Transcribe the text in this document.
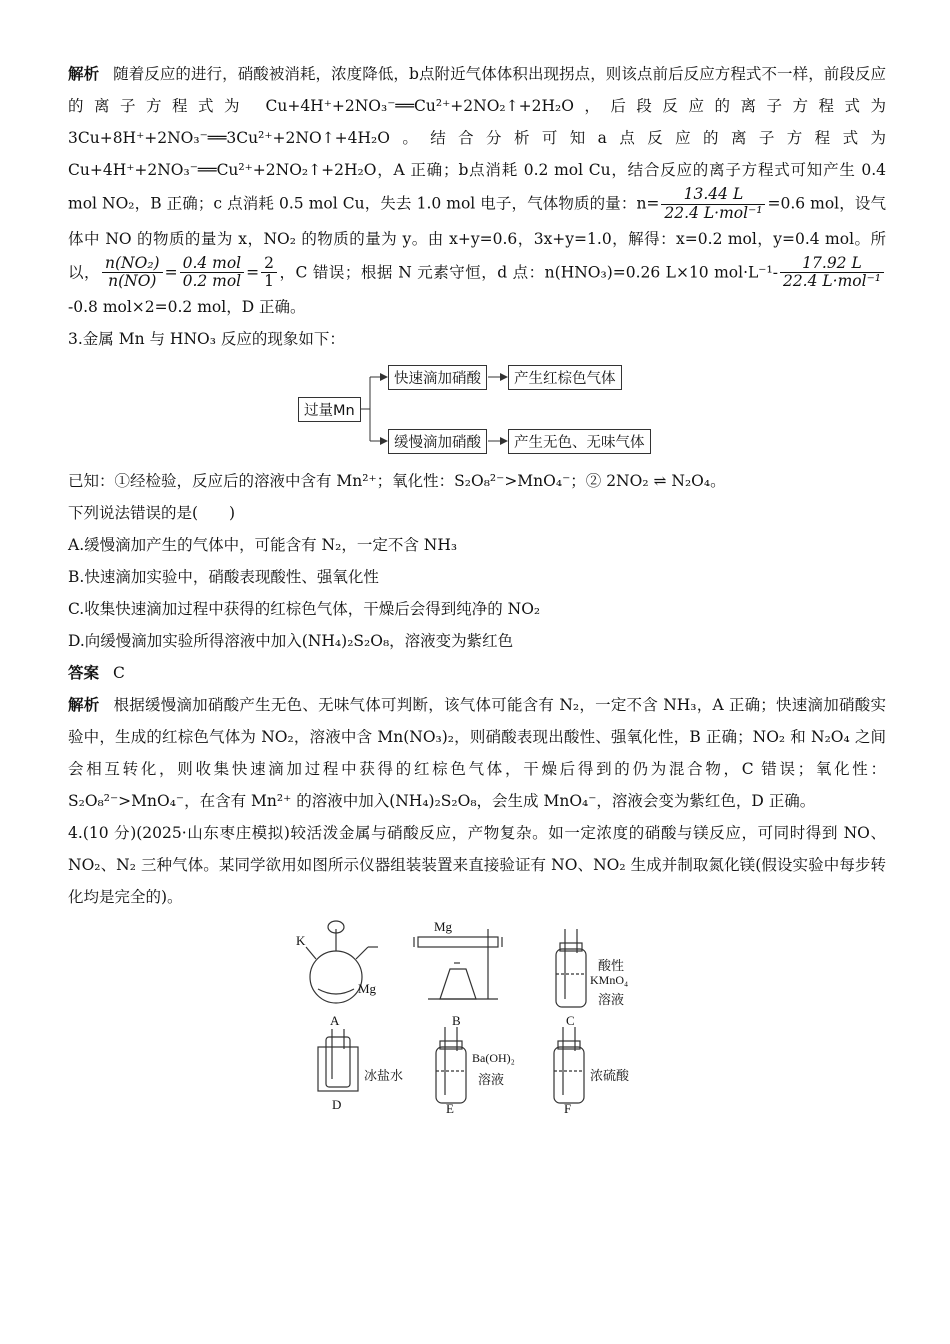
解析 随着反应的进行，硝酸被消耗，浓度降低，b点附近气体体积出现拐点，则该点前后反应方程式不一样，前段反应的离子方程式为 Cu+4H⁺+2NO₃⁻══Cu²⁺+2NO₂↑+2H₂O，后段反应的离子方程式为 3Cu+8H⁺+2NO₃⁻══3Cu²⁺+2NO↑+4H₂O。结合分析可知a点反应的离子方程式为 Cu+4H⁺+2NO₃⁻══Cu²⁺+2NO₂↑+2H₂O，A 正确；b点消耗 0.2 mol Cu，结合反应的离子方程式可知产生 0.4 mol NO₂，B 正确；c 点消耗 0.5 mol Cu，失去 1.0 mol 电子，气体物质的量：$n= \frac{13.44 L}{\text{22.4 L·mol⁻¹}} =0.6$ mol，设气体中 NO 的物质的量为 x，NO₂ 的物质的量为 y。由 x+y=0.6，3x+y=1.0，解得：x=0.2 mol，y=0.4 mol。所以， $\frac{\text{n(NO₂)}}{n(NO)} = \frac{\text{0.4 mol}}{\text{0.2 mol}} = \frac{2}{1}$ ，C 错误；根据 N 元素守恒，d 点：n(HNO₃)=0.26 L×10 $mol\cdot L^{-1}- \frac{17.92 L}{\text{22.4 L·mol⁻¹}}$
-0.8 mol×2=0.2 mol，D 正确。

3.金属 Mn 与 HNO₃ 反应的现象如下：

过量Mn
快速滴加硝酸	产生红棕色气体
缓慢滴加硝酸	产生无色、无味气体

已知：①经检验，反应后的溶液中含有 Mn²⁺；氧化性：S₂O₈²⁻>MnO₄⁻；② 2NO₂ ⇌ N₂O₄。

下列说法错误的是(　　)

A.缓慢滴加产生的气体中，可能含有 N₂，一定不含 NH₃

B.快速滴加实验中，硝酸表现酸性、强氧化性

C.收集快速滴加过程中获得的红棕色气体，干燥后会得到纯净的 NO₂

D.向缓慢滴加实验所得溶液中加入(NH₄)₂S₂O₈，溶液变为紫红色

答案 C

解析 根据缓慢滴加硝酸产生无色、无味气体可判断，该气体可能含有 N₂，一定不含 NH₃，A 正确；快速滴加硝酸实验中，生成的红棕色气体为 NO₂，溶液中含 Mn(NO₃)₂，则硝酸表现出酸性、强氧化性，B 正确；NO₂ 和 N₂O₄ 之间会相互转化，则收集快速滴加过程中获得的红棕色气体，干燥后得到的仍为混合物，C 错误；氧化性：S₂O₈²⁻>MnO₄⁻，在含有 Mn²⁺ 的溶液中加入(NH₄)₂S₂O₈，会生成 MnO₄⁻，溶液会变为紫红色，D 正确。

4.(10 分)(2025·山东枣庄模拟)较活泼金属与硝酸反应，产物复杂。如一定浓度的硝酸与镁反应，可同时得到 NO、NO₂、N₂ 三种气体。某同学欲用如图所示仪器组装装置来直接验证有 NO、NO₂ 生成并制取氮化镁(假设实验中每步转化均是完全的)。

A
Mg
K
B
Mg
C
酸性
KMnO₄
溶液
D
冰盐水
E
Ba(OH)₂
溶液
F
浓硫酸
